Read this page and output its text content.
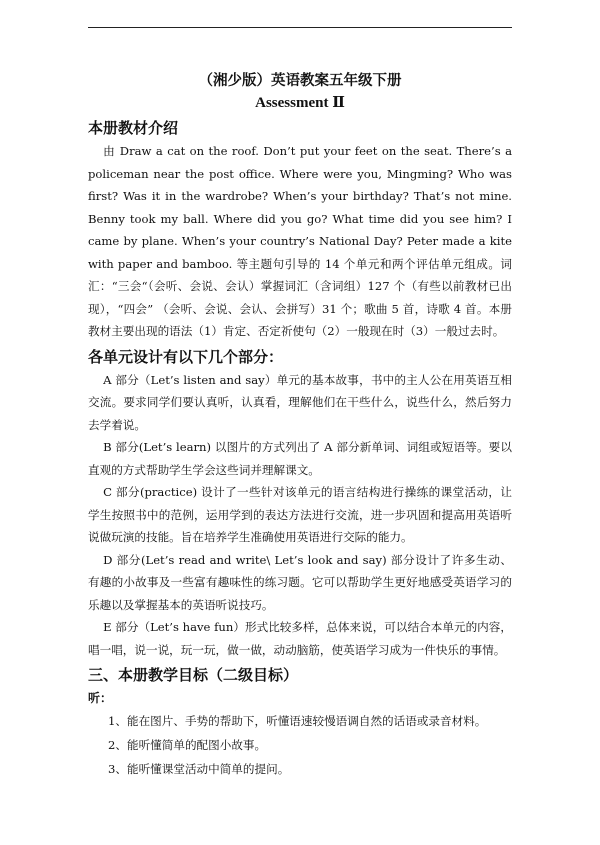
（湘少版）英语教案五年级下册
Assessment Ⅱ
本册教材介绍

由 Draw a cat on the roof. Don’t put your feet on the seat. There’s a policeman near the post office. Where were you, Mingming? Who was first? Was it in the wardrobe? When’s your birthday? That’s not mine. Benny took my ball. Where did you go? What time did you see him? I came by plane. When’s your country’s National Day? Peter made a kite with paper and bamboo. 等主题句引导的 14 个单元和两个评估单元组成。词汇：“三会“（会听、会说、会认）掌握词汇（含词组）127 个（有些以前教材已出现），“四会” （会听、会说、会认、会拼写）31 个；歌曲 5 首，诗歌 4 首。本册教材主要出现的语法（1）肯定、否定祈使句（2）一般现在时（3）一般过去时。

各单元设计有以下几个部分：

A 部分（Let’s listen and say）单元的基本故事，书中的主人公在用英语互相交流。要求同学们要认真听，认真看，理解他们在干些什么，说些什么，然后努力去学着说。

B 部分(Let’s learn) 以图片的方式列出了 A 部分新单词、词组或短语等。要以直观的方式帮助学生学会这些词并理解课文。

C 部分(practice) 设计了一些针对该单元的语言结构进行操练的课堂活动，让学生按照书中的范例，运用学到的表达方法进行交流，进一步巩固和提高用英语听说做玩演的技能。旨在培养学生准确使用英语进行交际的能力。

D 部分(Let’s read and write\ Let’s look and say) 部分设计了许多生动、有趣的小故事及一些富有趣味性的练习题。它可以帮助学生更好地感受英语学习的乐趣以及掌握基本的英语听说技巧。

E 部分（Let’s have fun）形式比较多样，总体来说，可以结合本单元的内容，唱一唱，说一说，玩一玩，做一做，动动脑筋，使英语学习成为一件快乐的事情。

三、本册教学目标（二级目标）
听：
1、能在图片、手势的帮助下，听懂语速较慢语调自然的话语或录音材料。
2、能听懂简单的配图小故事。
3、能听懂课堂活动中简单的提问。
